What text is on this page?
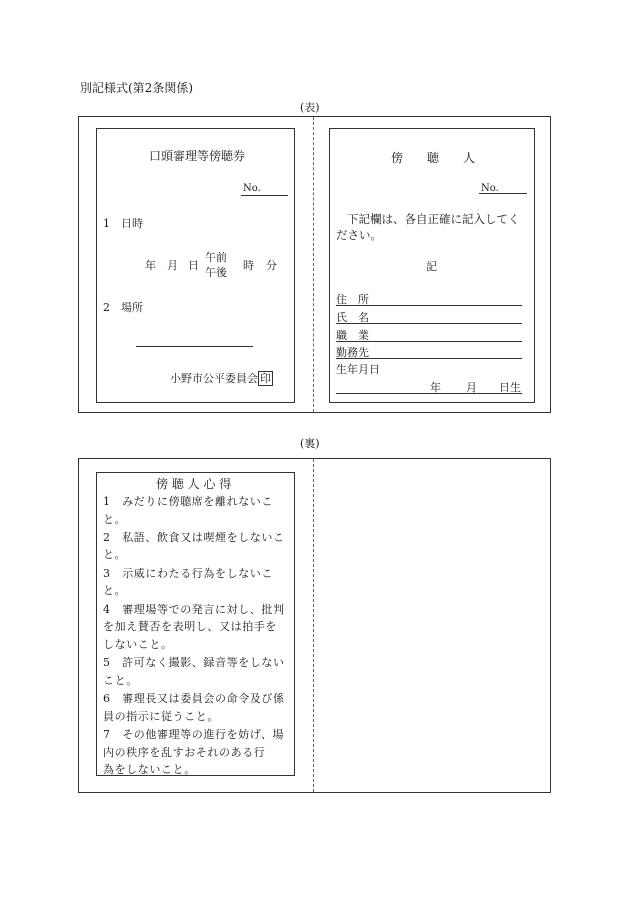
別記様式(第2条関係)
(表)
口頭審理等傍聴券
No.
1　日時
年 月 日
午前
午後
時 分
2　場所
小野市公平委員会 印
傍　　聴　　人
No.
下記欄は、各自正確に記入してく
ださい。
記
住　所
氏　名
職　業
勤務先
生年月日
年 月 日生
(裏)
傍 聴 人 心 得
1　みだりに傍聴席を離れないこ
と。
2　私語、飲食又は喫煙をしないこ
と。
3　示威にわたる行為をしないこ
と。
4　審理場等での発言に対し、批判
を加え賛否を表明し、又は拍手を
しないこと。
5　許可なく撮影、録音等をしない
こと。
6　審理長又は委員会の命令及び係
員の指示に従うこと。
7　その他審理等の進行を妨げ、場
内の秩序を乱すおそれのある行
為をしないこと。
